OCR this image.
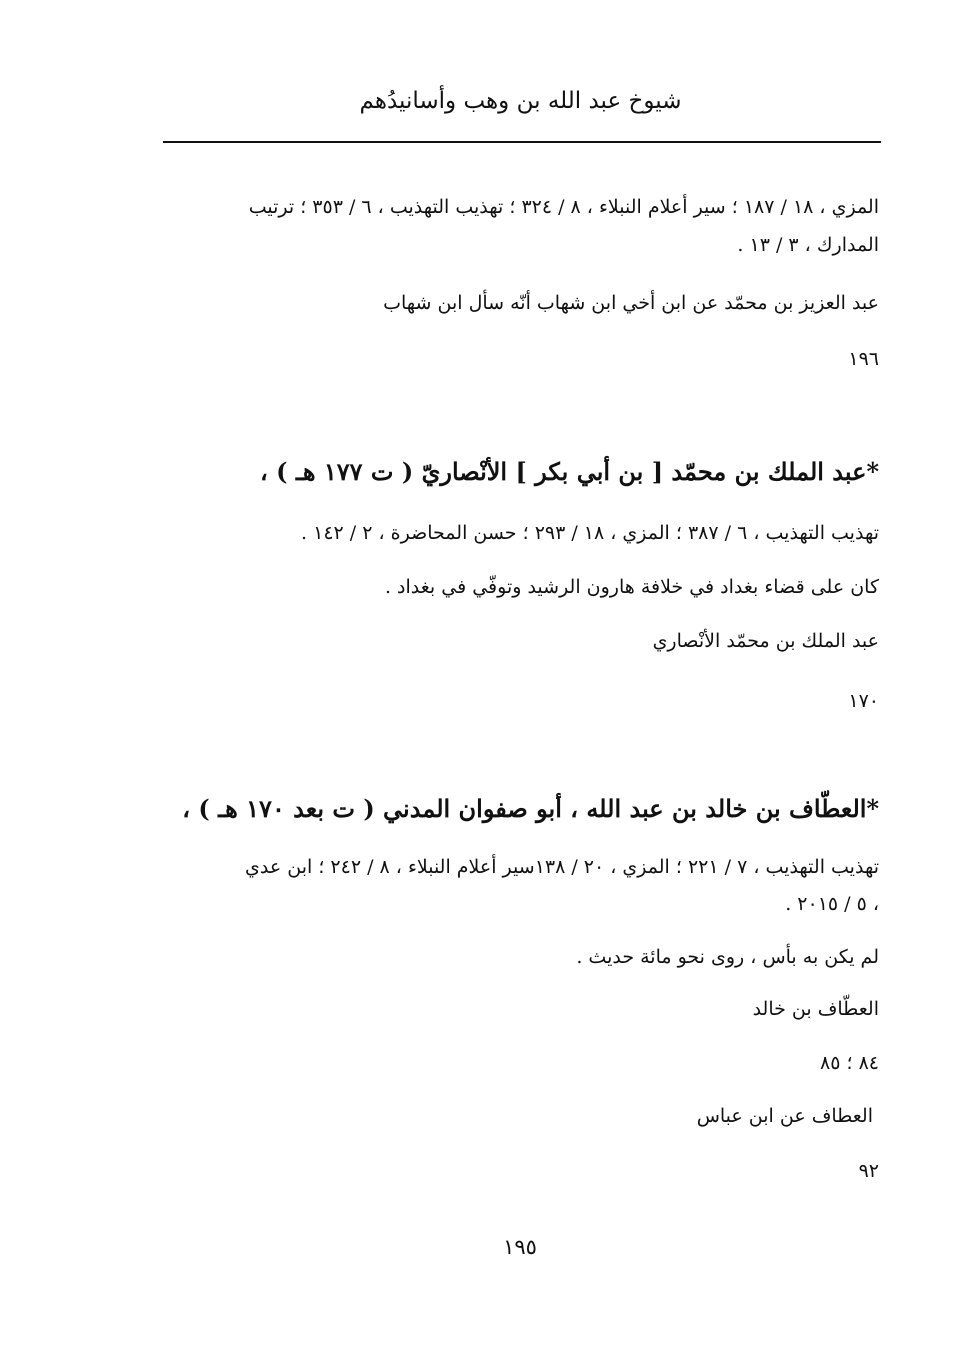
شيوخ عبد الله بن وهب وأسانيدُهم
المزي ، ١٨ / ١٨٧ ؛ سير أعلام النبلاء ، ٨ / ٣٢٤ ؛ تهذيب التهذيب ، ٦ / ٣٥٣ ؛ ترتيب
المدارك ، ٣ / ١٣ .
عبد العزيز بن محمّد عن ابن أخي ابن شهاب أنّه سأل ابن شهاب
١٩٦
*عبد الملك بن محمّد [ بن أبي بكر ] الأنْصاريّ ( ت ١٧٧ هـ ) ،
تهذيب التهذيب ، ٦ / ٣٨٧ ؛ المزي ، ١٨ / ٢٩٣ ؛ حسن المحاضرة ، ٢ / ١٤٢ .
كان على قضاء بغداد في خلافة هارون الرشيد وتوفّي في بغداد .
عبد الملك بن محمّد الأنْصاري
١٧٠
*العطّاف بن خالد بن عبد الله ، أبو صفوان المدني ( ت بعد ١٧٠ هـ ) ،
تهذيب التهذيب ، ٧ / ٢٢١ ؛ المزي ، ٢٠ / ١٣٨سير أعلام النبلاء ، ٨ / ٢٤٢ ؛ ابن عدي
، ٥ / ٢٠١٥ .
لم يكن به بأس ، روى نحو مائة حديث .
العطّاف بن خالد
٨٤ ؛ ٨٥
العطاف عن ابن عباس
٩٢
١٩٥
